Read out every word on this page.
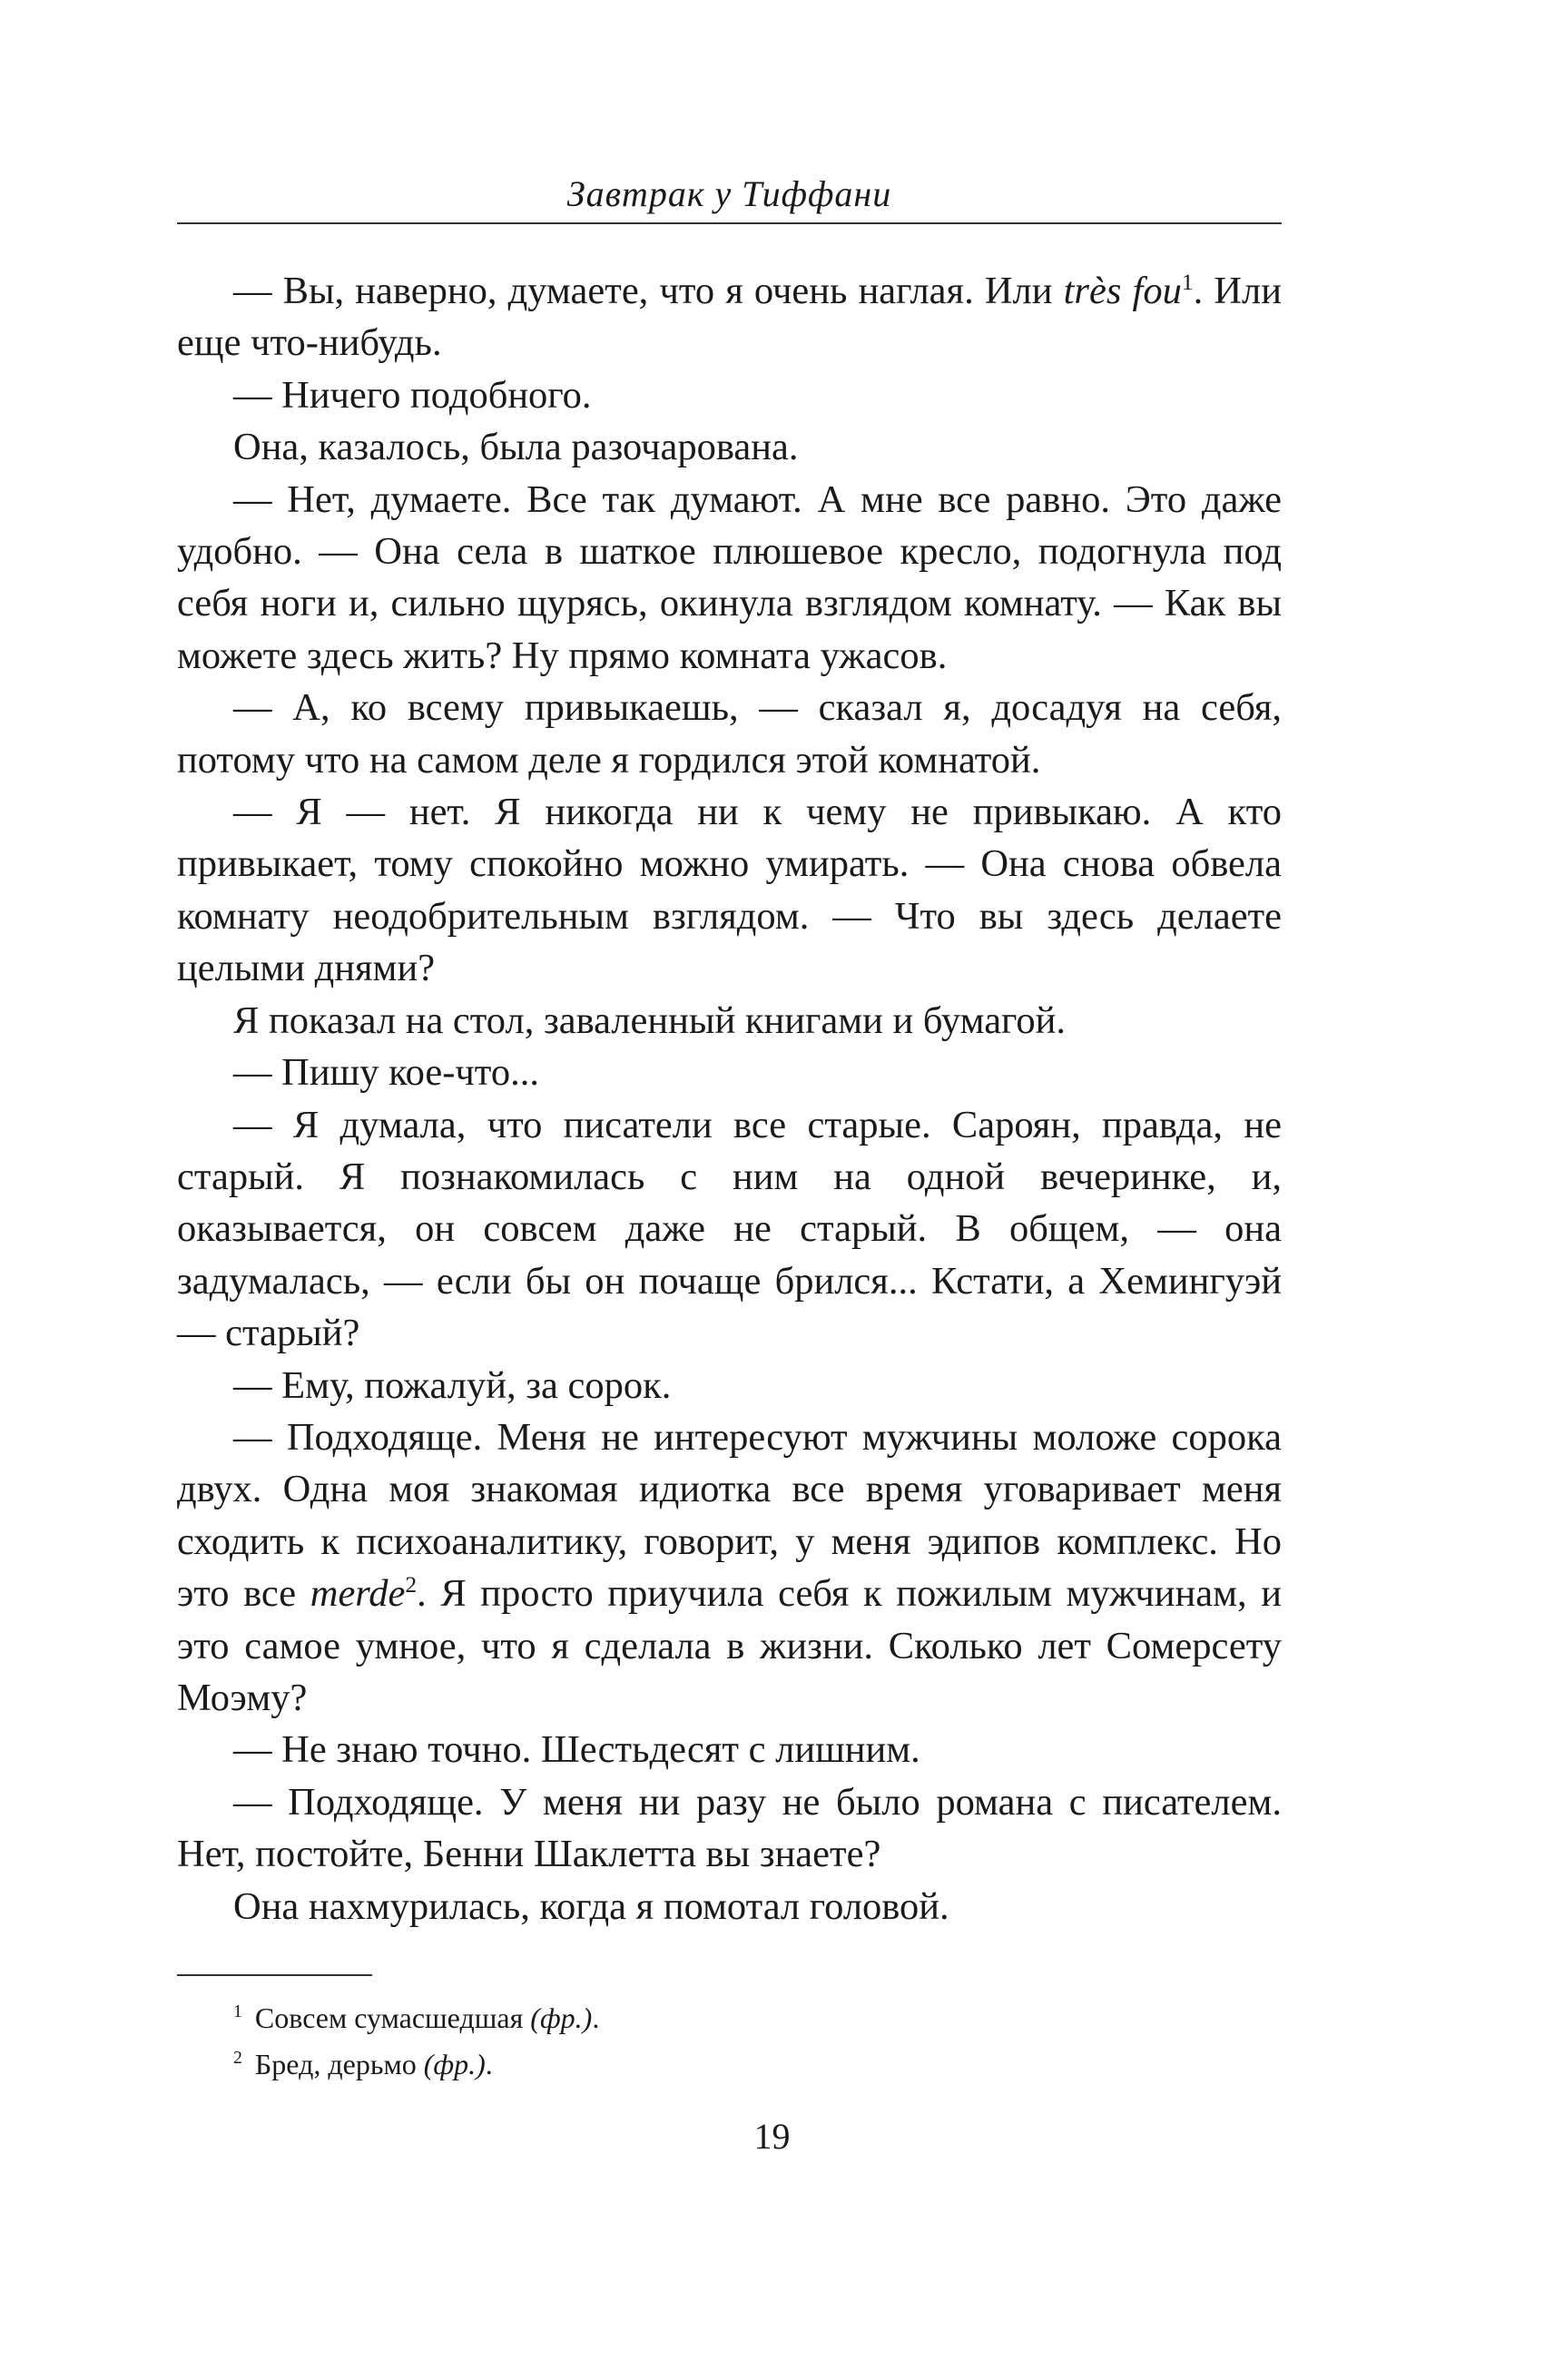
Завтрак у Тиффани

— Вы, наверно, думаете, что я очень наглая. Или très fou$^1$. Или еще что-нибудь.

— Ничего подобного.

Она, казалось, была разочарована.

— Нет, думаете. Все так думают. А мне все равно. Это даже удобно. — Она села в шаткое плюшевое кресло, подогнула под себя ноги и, сильно щурясь, окинула взглядом комнату. — Как вы можете здесь жить? Ну прямо комната ужасов.

— А, ко всему привыкаешь, — сказал я, досадуя на себя, потому что на самом деле я гордился этой комнатой.

— Я — нет. Я никогда ни к чему не привыкаю. А кто привыкает, тому спокойно можно умирать. — Она снова обвела комнату неодобрительным взглядом. — Что вы здесь делаете целыми днями?

Я показал на стол, заваленный книгами и бумагой.

— Пишу кое-что...

— Я думала, что писатели все старые. Сароян, правда, не старый. Я познакомилась с ним на одной вечеринке, и, оказывается, он совсем даже не старый. В общем, — она задумалась, — если бы он почаще брился... Кстати, а Хемингуэй — старый?

— Ему, пожалуй, за сорок.

— Подходяще. Меня не интересуют мужчины моложе сорока двух. Одна моя знакомая идиотка все время уговаривает меня сходить к психоаналитику, говорит, у меня эдипов комплекс. Но это все merde$^2$. Я просто приучила себя к пожилым мужчинам, и это самое умное, что я сделала в жизни. Сколько лет Сомерсету Моэму?

— Не знаю точно. Шестьдесят с лишним.

— Подходяще. У меня ни разу не было романа с писателем. Нет, постойте, Бенни Шаклетта вы знаете?

Она нахмурилась, когда я помотал головой.

$^1$ Совсем сумасшедшая (фр.).
$^2$ Бред, дерьмо (фр.).
19
